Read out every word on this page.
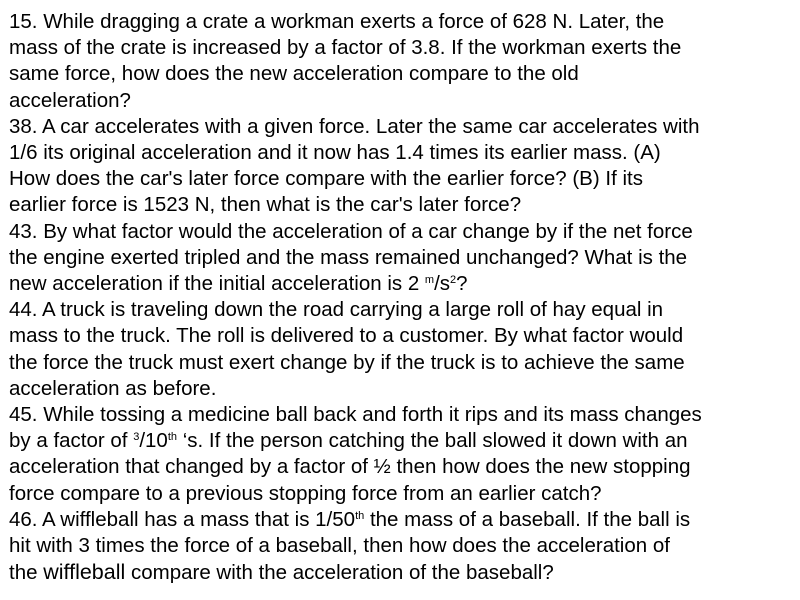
15. While dragging a crate a workman exerts a force of 628 N. Later, the
mass of the crate is increased by a factor of 3.8. If the workman exerts the
same force, how does the new acceleration compare to the old
acceleration?

38. A car accelerates with a given force. Later the same car accelerates with
1/6 its original acceleration and it now has 1.4 times its earlier mass. (A)
How does the car's later force compare with the earlier force? (B) If its
earlier force is 1523 N, then what is the car's later force?

43. By what factor would the acceleration of a car change by if the net force
the engine exerted tripled and the mass remained unchanged? What is the
new acceleration if the initial acceleration is 2 $^m/s^2$?

44. A truck is traveling down the road carrying a large roll of hay equal in
mass to the truck. The roll is delivered to a customer. By what factor would
the force the truck must exert change by if the truck is to achieve the same
acceleration as before.

45. While tossing a medicine ball back and forth it rips and its mass changes
by a factor of $^3$/10th ‘s. If the person catching the ball slowed it down with an
acceleration that changed by a factor of ½ then how does the new stopping
force compare to a previous stopping force from an earlier catch?

46. A wiffleball has a mass that is 1/50th the mass of a baseball. If the ball is
hit with 3 times the force of a baseball, then how does the acceleration of
the wiffleball compare with the acceleration of the baseball?
